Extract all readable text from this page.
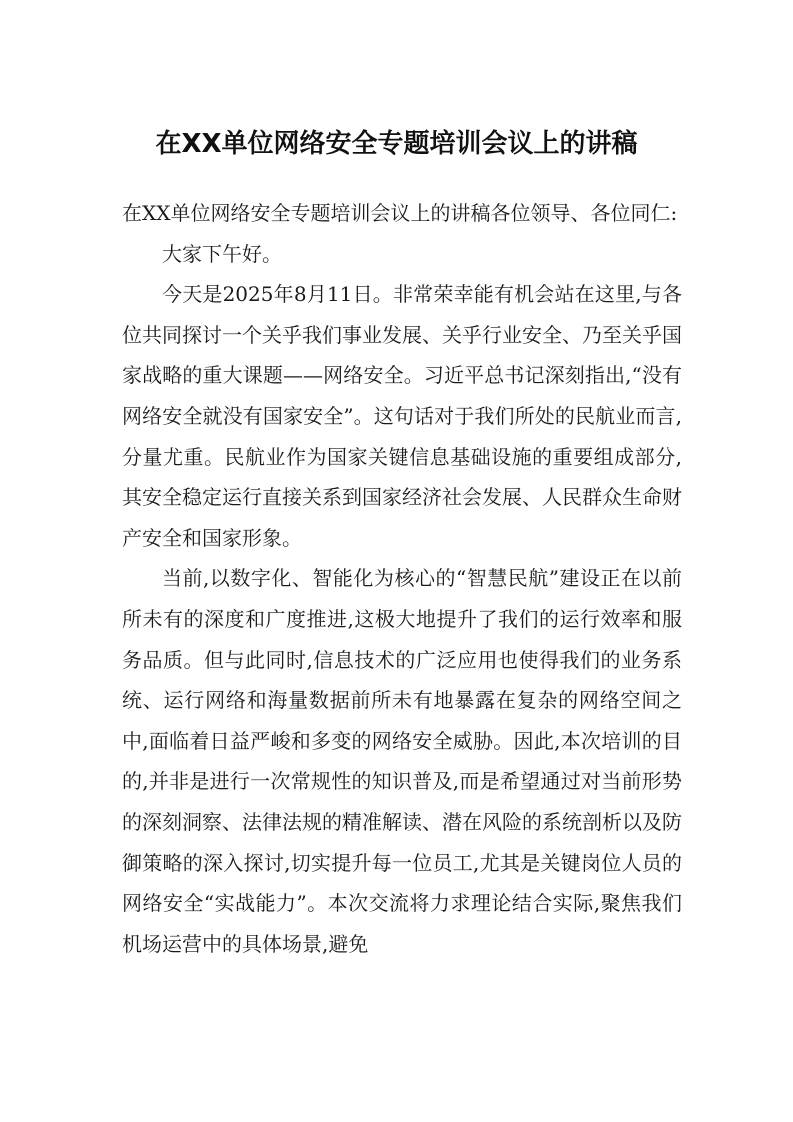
在XX单位网络安全专题培训会议上的讲稿

在XX单位网络安全专题培训会议上的讲稿各位领导、各位同仁:

大家下午好。

今天是2025年8月11日。非常荣幸能有机会站在这里,与各位共同探讨一个关乎我们事业发展、关乎行业安全、乃至关乎国家战略的重大课题——网络安全。习近平总书记深刻指出,“没有网络安全就没有国家安全”。这句话对于我们所处的民航业而言,分量尤重。民航业作为国家关键信息基础设施的重要组成部分,其安全稳定运行直接关系到国家经济社会发展、人民群众生命财产安全和国家形象。

当前,以数字化、智能化为核心的“智慧民航”建设正在以前所未有的深度和广度推进,这极大地提升了我们的运行效率和服务品质。但与此同时,信息技术的广泛应用也使得我们的业务系统、运行网络和海量数据前所未有地暴露在复杂的网络空间之中,面临着日益严峻和多变的网络安全威胁。因此,本次培训的目的,并非是进行一次常规性的知识普及,而是希望通过对当前形势的深刻洞察、法律法规的精准解读、潜在风险的系统剖析以及防御策略的深入探讨,切实提升每一位员工,尤其是关键岗位人员的网络安全“实战能力”。本次交流将力求理论结合实际,聚焦我们机场运营中的具体场景,避免
